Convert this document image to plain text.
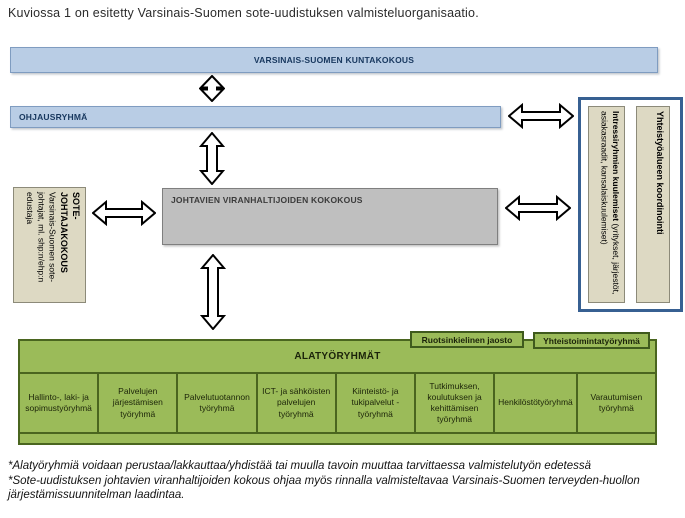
Kuviossa 1 on esitetty Varsinais-Suomen sote-uudistuksen valmisteluorganisaatio.
VARSINAIS-SUOMEN KUNTAKOKOUS
OHJAUSRYHMÄ
JOHTAVIEN VIRANHALTIJOIDEN KOKOKOUS
SOTE-JOHTAJAKOKOUS
Varsinais-Suomen sote-johtajat, ml. shp:n/ehp:n edustaja	Intressiryhmien kuulemiset (yritykset, järjestöt, asiakasraadit, kansalaiskuulemiset)	Yhteistyöalueen koordinointi
Ruotsinkielinen jaosto	Yhteistoimintatyöryhmä
ALATYÖRYHMÄT
Hallinto-, laki- ja sopimustyöryhmä
Palvelujen järjestämisen työryhmä
Palvelutuotannon työryhmä
ICT- ja sähköisten palvelujen työryhmä
Kiinteistö- ja tukipalvelut -työryhmä
Tutkimuksen, koulutuksen ja kehittämisen työryhmä
Henkilöstötyöryhmä
Varautumisen työryhmä
*Alatyöryhmiä voidaan perustaa/lakkauttaa/yhdistää tai muulla tavoin muuttaa tarvittaessa valmistelutyön edetessä
*Sote-uudistuksen johtavien viranhaltijoiden kokous ohjaa myös rinnalla valmisteltavaa Varsinais-Suomen terveyden-huollon järjestämissuunnitelman laadintaa.
